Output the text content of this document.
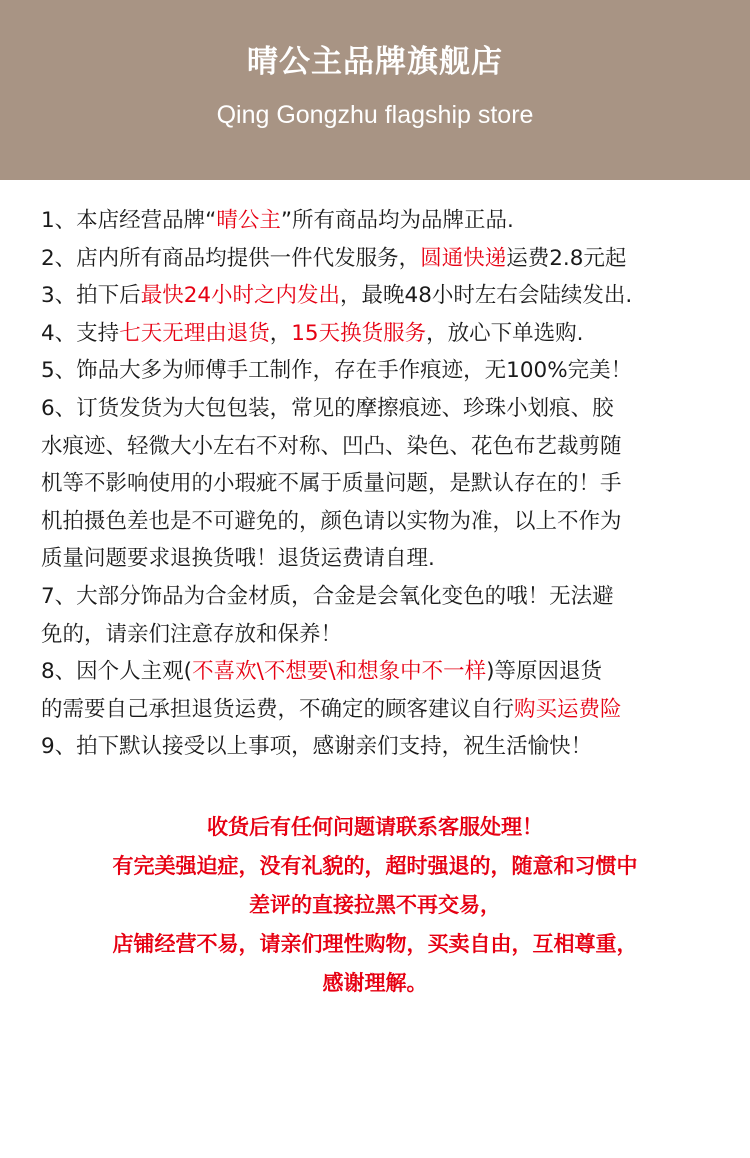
晴公主品牌旗舰店
Qing Gongzhu flagship store
1、本店经营品牌“晴公主”所有商品均为品牌正品.
2、店内所有商品均提供一件代发服务，圆通快递运费2.8元起
3、拍下后最快24小时之内发出，最晚48小时左右会陆续发出.
4、支持七天无理由退货，15天换货服务，放心下单选购.
5、饰品大多为师傅手工制作，存在手作痕迹，无100%完美！
6、订货发货为大包包装，常见的摩擦痕迹、珍珠小划痕、胶
水痕迹、轻微大小左右不对称、凹凸、染色、花色布艺裁剪随
机等不影响使用的小瑕疵不属于质量问题，是默认存在的！手
机拍摄色差也是不可避免的，颜色请以实物为准，以上不作为
质量问题要求退换货哦！退货运费请自理.
7、大部分饰品为合金材质，合金是会氧化变色的哦！无法避
免的，请亲们注意存放和保养！
8、因个人主观(不喜欢\不想要\和想象中不一样)等原因退货
的需要自己承担退货运费，不确定的顾客建议自行购买运费险
9、拍下默认接受以上事项，感谢亲们支持，祝生活愉快！
收货后有任何问题请联系客服处理！
有完美强迫症，没有礼貌的，超时强退的，随意和习惯中
差评的直接拉黑不再交易，
店铺经营不易，请亲们理性购物，买卖自由，互相尊重，
感谢理解。
